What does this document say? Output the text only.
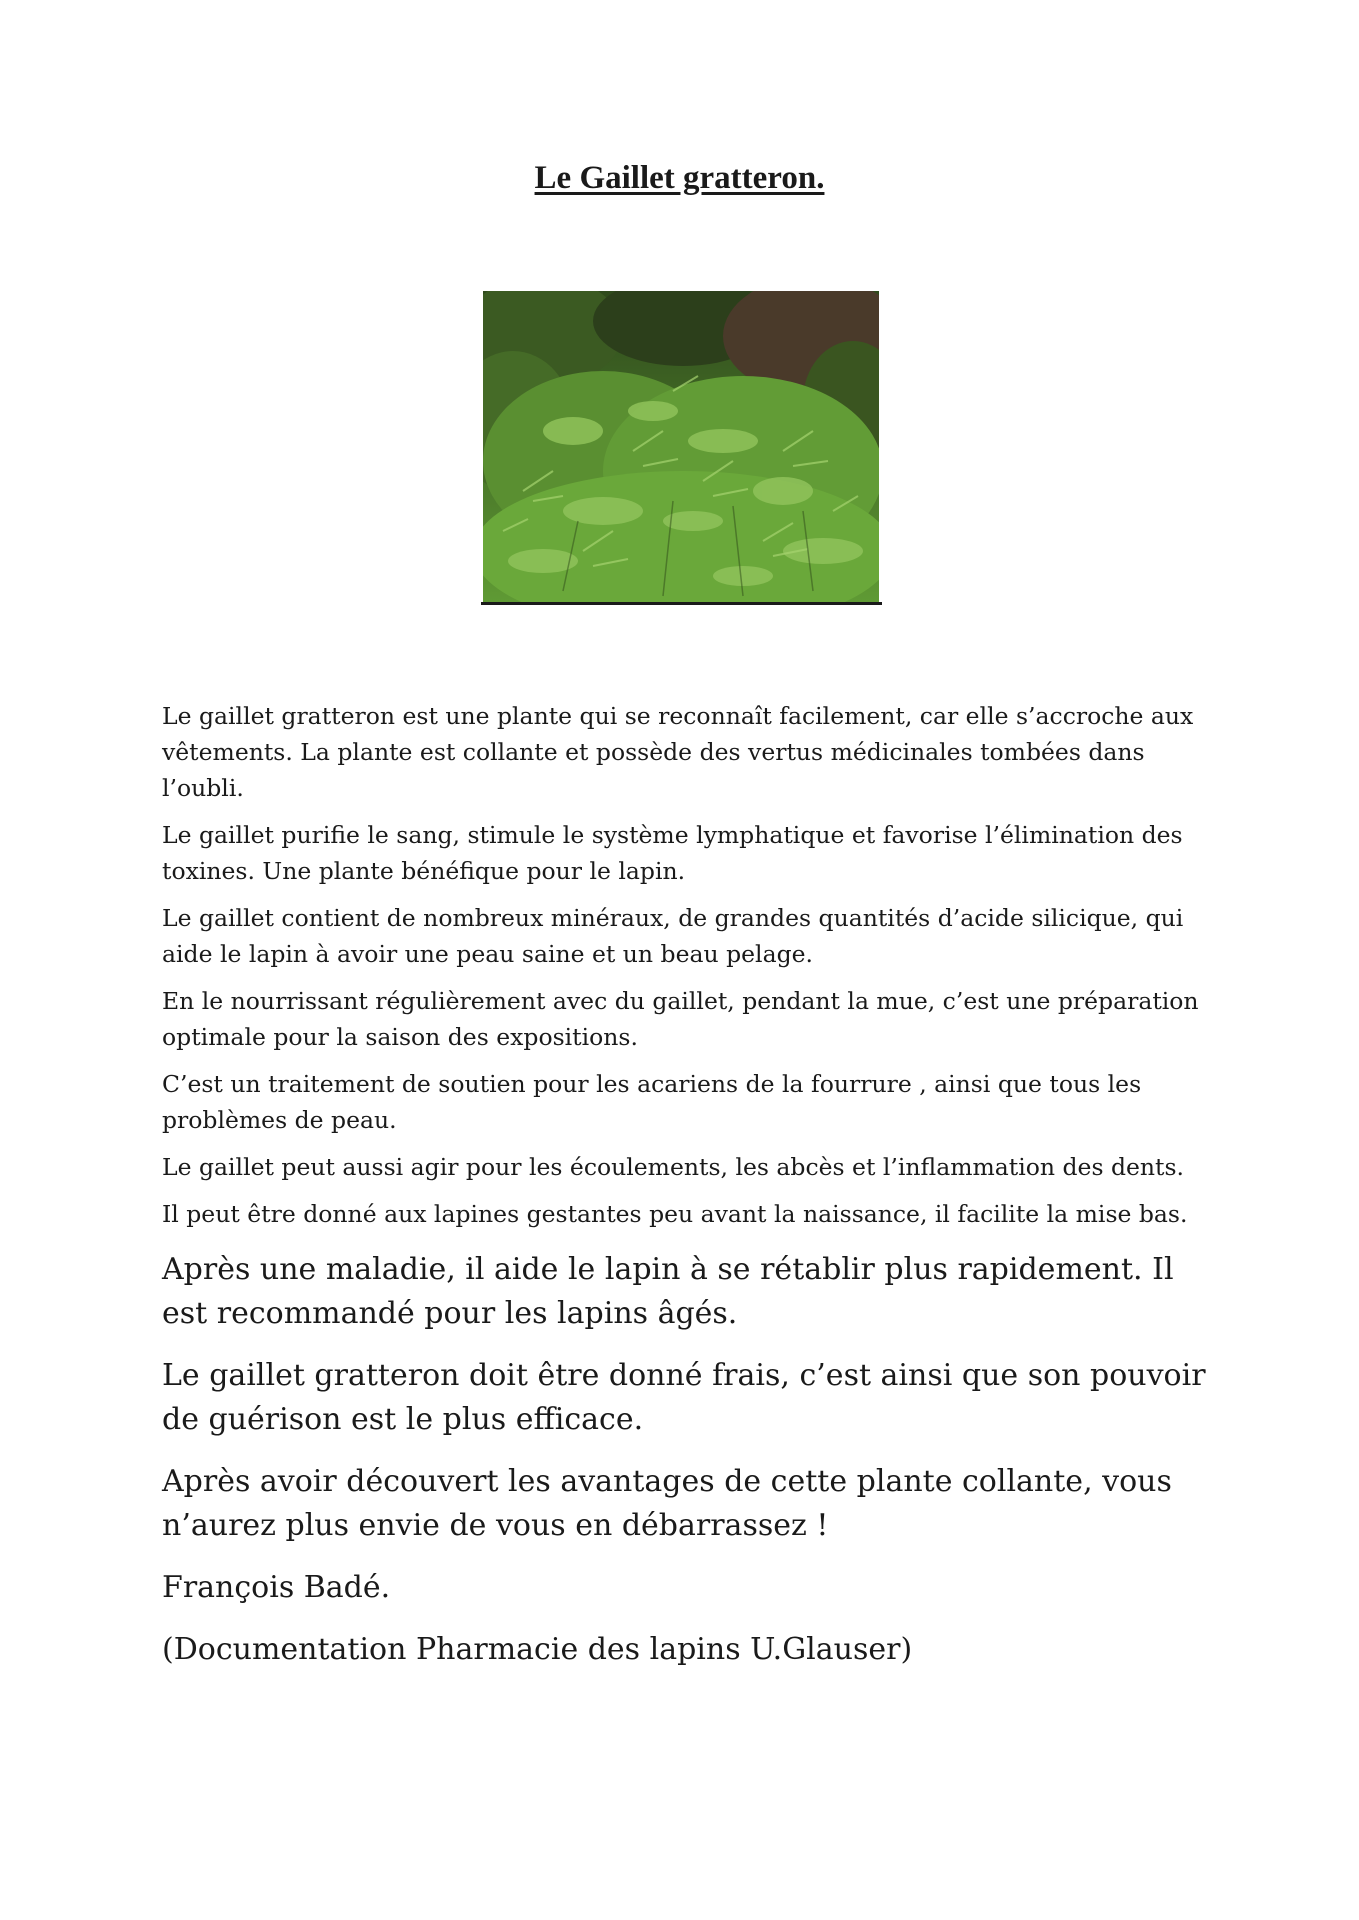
Le Gaillet gratteron.

Le gaillet gratteron est une plante qui se reconnaît facilement, car elle s’accroche aux vêtements. La plante est collante et possède des vertus médicinales tombées dans l’oubli.

Le gaillet purifie le sang, stimule le système lymphatique et favorise l’élimination des toxines. Une plante bénéfique pour le lapin.

Le gaillet contient de nombreux minéraux, de grandes quantités d’acide silicique, qui aide le lapin à avoir une peau saine et un beau pelage.

En le nourrissant régulièrement avec du gaillet, pendant la mue, c’est une préparation optimale pour la saison des expositions.

C’est un traitement de soutien pour les acariens de la fourrure , ainsi que tous les problèmes de peau.

Le gaillet peut aussi agir pour les écoulements, les abcès et l’inflammation des dents.

Il peut être donné aux lapines gestantes peu avant la naissance, il facilite la mise bas.

Après une maladie, il aide le lapin à se rétablir plus rapidement. Il est recommandé pour les lapins âgés.

Le gaillet gratteron doit être donné frais, c’est ainsi que son pouvoir de guérison est le plus efficace.

Après avoir découvert les avantages de cette plante collante, vous n’aurez plus envie de vous en débarrassez !

François Badé.

(Documentation Pharmacie des lapins U.Glauser)
